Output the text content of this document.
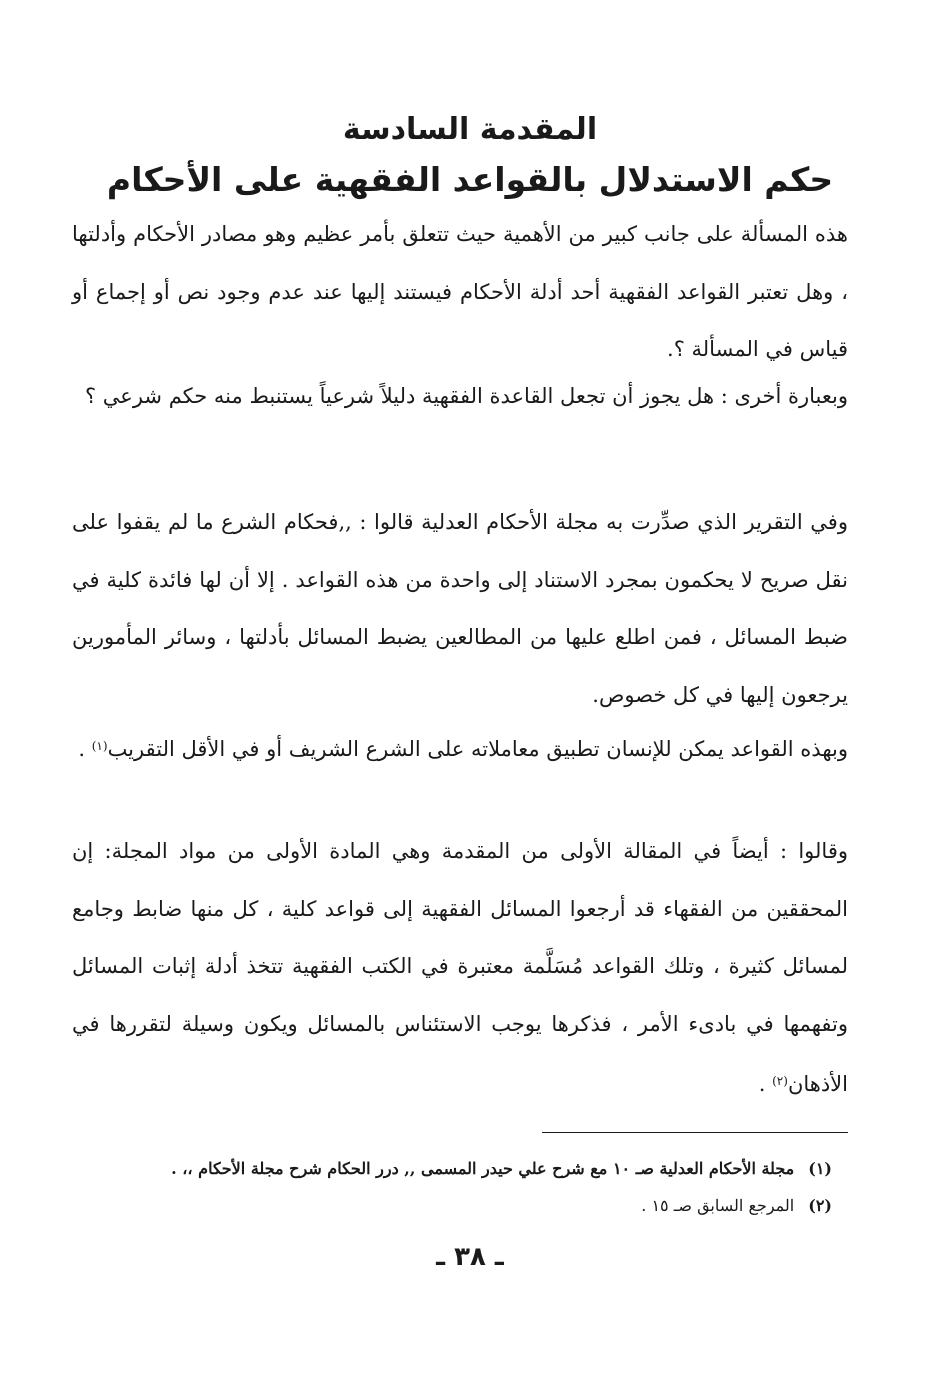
المقدمة السادسة
حكم الاستدلال بالقواعد الفقهية على الأحكام

هذه المسألة على جانب كبير من الأهمية حيث تتعلق بأمر عظيم وهو مصادر الأحكام وأدلتها ، وهل تعتبر القواعد الفقهية أحد أدلة الأحكام فيستند إليها عند عدم وجود نص أو إجماع أو قياس في المسألة ؟.

وبعبارة أخرى : هل يجوز أن تجعل القاعدة الفقهية دليلاً شرعياً يستنبط منه حكم شرعي ؟

وفي التقرير الذي صدِّرت به مجلة الأحكام العدلية قالوا : ,,فحكام الشرع ما لم يقفوا على نقل صريح لا يحكمون بمجرد الاستناد إلى واحدة من هذه القواعد . إلا أن لها فائدة كلية في ضبط المسائل ، فمن اطلع عليها من المطالعين يضبط المسائل بأدلتها ، وسائر المأمورين يرجعون إليها في كل خصوص.

وبهذه القواعد يمكن للإنسان تطبيق معاملاته على الشرع الشريف أو في الأقل التقريب$^{(١)}$ .

وقالوا : أيضاً في المقالة الأولى من المقدمة وهي المادة الأولى من مواد المجلة: إن المحققين من الفقهاء قد أرجعوا المسائل الفقهية إلى قواعد كلية ، كل منها ضابط وجامع لمسائل كثيرة ، وتلك القواعد مُسَلَّمة معتبرة في الكتب الفقهية تتخذ أدلة إثبات المسائل وتفهمها في بادىء الأمر ، فذكرها يوجب الاستئناس بالمسائل ويكون وسيلة لتقررها في الأذهان$^{(٢)}$ .

(١)مجلة الأحكام العدلية صـ ١٠ مع شرح علي حيدر المسمى ,, درر الحكام شرح مجلة الأحكام ،، .
(٢)المرجع السابق صـ ١٥ .
ـ ٣٨ ـ
